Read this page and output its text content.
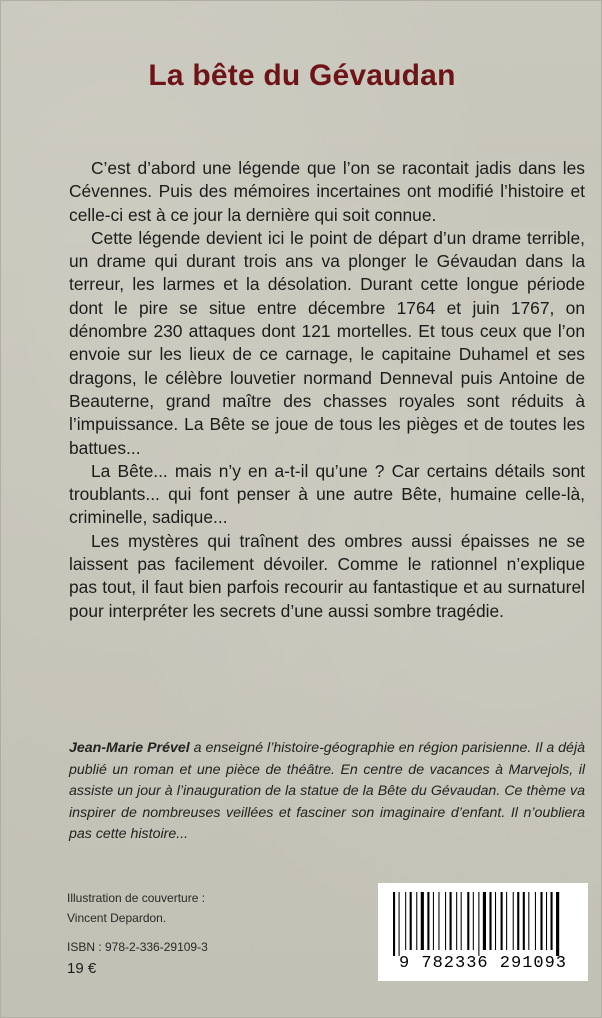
La bête du Gévaudan

C’est d’abord une légende que l’on se racontait jadis dans les Cévennes. Puis des mémoires incertaines ont modifié l’histoire et celle-ci est à ce jour la dernière qui soit connue.

Cette légende devient ici le point de départ d’un drame terrible, un drame qui durant trois ans va plonger le Gévaudan dans la terreur, les larmes et la désolation. Durant cette longue période dont le pire se situe entre décembre 1764 et juin 1767, on dénombre 230 attaques dont 121 mortelles. Et tous ceux que l’on envoie sur les lieux de ce carnage, le capitaine Duhamel et ses dragons, le célèbre louvetier normand Denneval puis Antoine de Beauterne, grand maître des chasses royales sont réduits à l’impuissance. La Bête se joue de tous les pièges et de toutes les battues...

La Bête... mais n’y en a-t-il qu’une ? Car certains détails sont troublants... qui font penser à une autre Bête, humaine celle-là, criminelle, sadique...

Les mystères qui traînent des ombres aussi épaisses ne se laissent pas facilement dévoiler. Comme le rationnel n’explique pas tout, il faut bien parfois recourir au fantastique et au surnaturel pour interpréter les secrets d’une aussi sombre tragédie.

Jean-Marie Prével a enseigné l’histoire-géographie en région parisienne. Il a déjà publié un roman et une pièce de théâtre. En centre de vacances à Marvejols, il assiste un jour à l’inauguration de la statue de la Bête du Gévaudan. Ce thème va inspirer de nombreuses veillées et fasciner son imaginaire d’enfant. Il n’oubliera pas cette histoire...
Illustration de couverture :
Vincent Depardon.
ISBN : 978-2-336-29109-3
19 €	9 782336 291093
